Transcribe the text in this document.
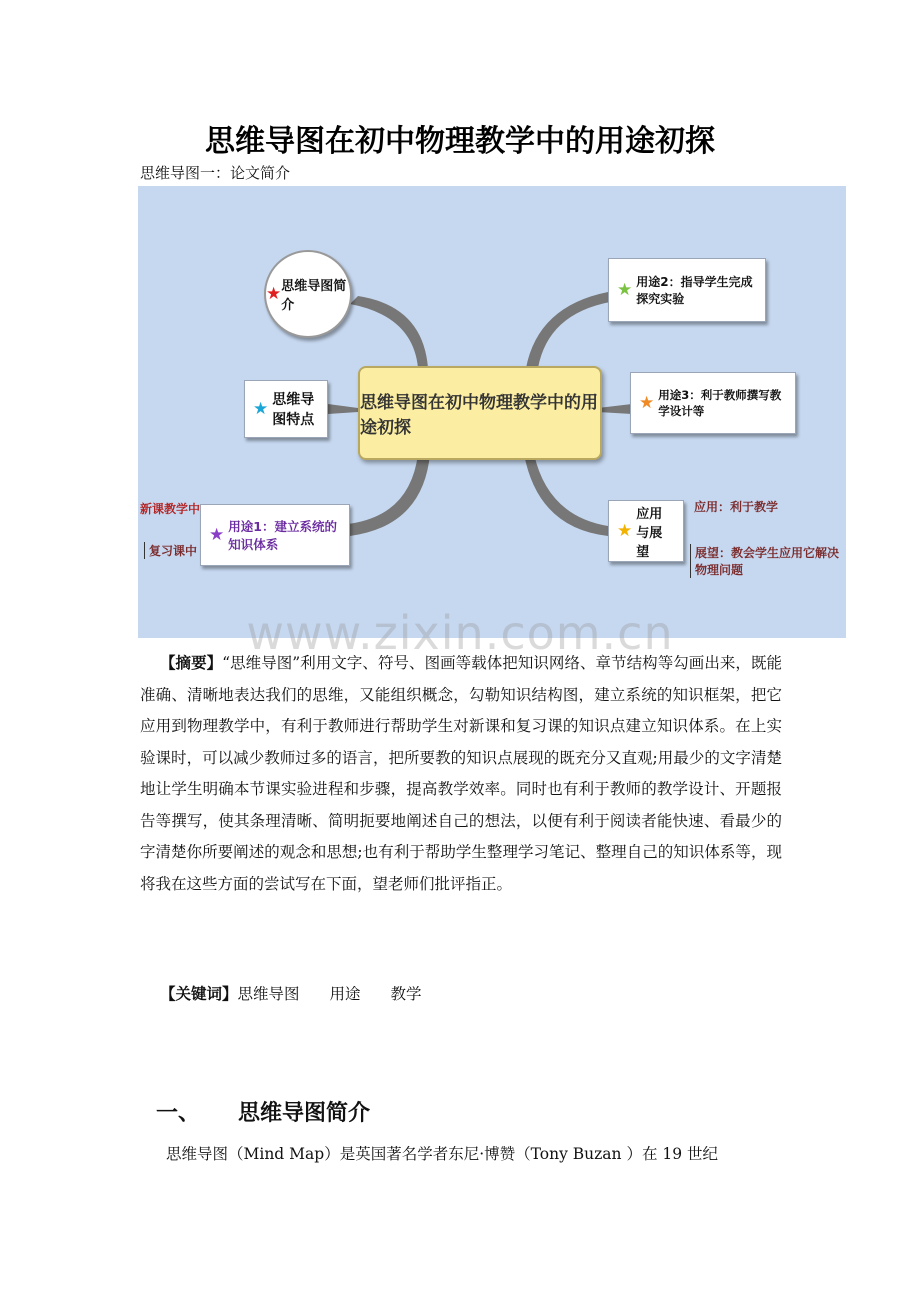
思维导图在初中物理教学中的用途初探
思维导图一：论文简介
★ 思维导图简介
★ 思维导图特点
思维导图在初中物理教学中的用途初探
★ 用途1：建立系统的知识体系
新课教学中
复习课中
★ 用途2：指导学生完成探究实验
★ 用途3：利于教师撰写教学设计等
★
应用与展望
应用：利于教学
展望：教会学生应用它解决物理问题
www.zixin.com.cn
【摘要】“思维导图”利用文字、符号、图画等载体把知识网络、章节结构等勾画出来，既能准确、清晰地表达我们的思维，又能组织概念，勾勒知识结构图，建立系统的知识框架，把它应用到物理教学中，有利于教师进行帮助学生对新课和复习课的知识点建立知识体系。在上实验课时，可以减少教师过多的语言，把所要教的知识点展现的既充分又直观;用最少的文字清楚地让学生明确本节课实验进程和步骤，提高教学效率。同时也有利于教师的教学设计、开题报告等撰写，使其条理清晰、简明扼要地阐述自己的想法，以便有利于阅读者能快速、看最少的字清楚你所要阐述的观念和思想;也有利于帮助学生整理学习笔记、整理自己的知识体系等，现将我在这些方面的尝试写在下面，望老师们批评指正。
【关键词】思维导图 用途 教学
一、 思维导图简介
思维导图（Mind Map）是英国著名学者东尼·博赞（Tony Buzan ）在 19 世纪
